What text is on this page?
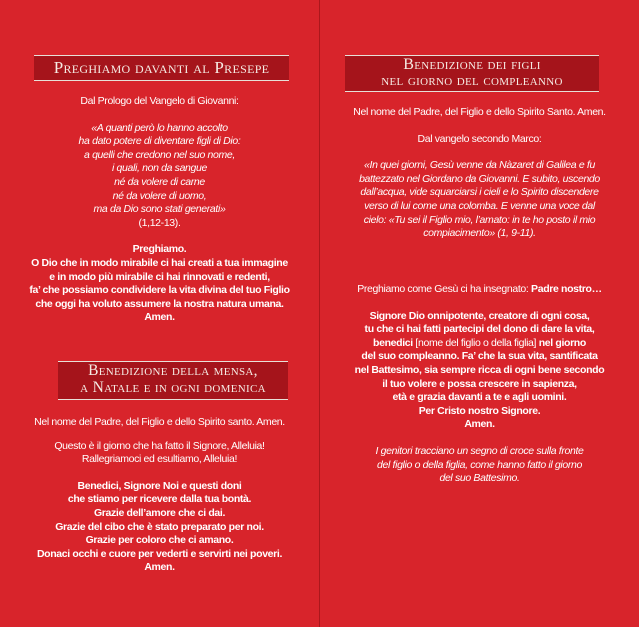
Preghiamo davanti al Presepe
Dal Prologo del Vangelo di Giovanni:
«A quanti però lo hanno accolto
ha dato potere di diventare figli di Dio:
a quelli che credono nel suo nome,
i quali, non da sangue
né da volere di carne
né da volere di uomo,
ma da Dio sono stati generati»
(1,12-13).
Preghiamo.
O Dio che in modo mirabile ci hai creati a tua immagine
e in modo più mirabile ci hai rinnovati e redenti,
fa’ che possiamo condividere la vita divina del tuo Figlio
che oggi ha voluto assumere la nostra natura umana.
Amen.
Benedizione della mensa,
a Natale e in ogni domenica
Nel nome del Padre, del Figlio e dello Spirito santo. Amen.
Questo è il giorno che ha fatto il Signore, Alleluia!
Rallegriamoci ed esultiamo, Alleluia!
Benedici, Signore Noi e questi doni
che stiamo per ricevere dalla tua bontà.
Grazie dell’amore che ci dai.
Grazie del cibo che è stato preparato per noi.
Grazie per coloro che ci amano.
Donaci occhi e cuore per vederti e servirti nei poveri.
Amen.
Benedizione dei figli
nel giorno del compleanno
Nel nome del Padre, del Figlio e dello Spirito Santo. Amen.
Dal vangelo secondo Marco:
«In quei giorni, Gesù venne da Nàzaret di Galilea e fu
battezzato nel Giordano da Giovanni. E subito, uscendo
dall’acqua, vide squarciarsi i cieli e lo Spirito discendere
verso di lui come una colomba. E venne una voce dal
cielo: «Tu sei il Figlio mio, l’amato: in te ho posto il mio
compiacimento» (1, 9-11).
Preghiamo come Gesù ci ha insegnato: Padre nostro…
Signore Dio onnipotente, creatore di ogni cosa,
tu che ci hai fatti partecipi del dono di dare la vita,
benedici [nome del figlio o della figlia] nel giorno
del suo compleanno. Fa’ che la sua vita, santificata
nel Battesimo, sia sempre ricca di ogni bene secondo
il tuo volere e possa crescere in sapienza,
età e grazia davanti a te e agli uomini.
Per Cristo nostro Signore.
Amen.
I genitori tracciano un segno di croce sulla fronte
del figlio o della figlia, come hanno fatto il giorno
del suo Battesimo.
